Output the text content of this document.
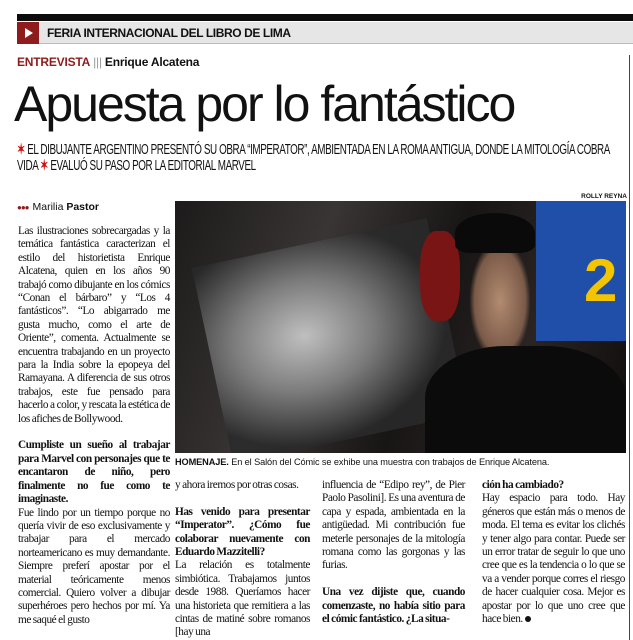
FERIA INTERNACIONAL DEL LIBRO DE LIMA
ENTREVISTA ||| Enrique Alcatena
Apuesta por lo fantástico
✶ EL DIBUJANTE ARGENTINO PRESENTÓ SU OBRA “IMPERATOR”, AMBIENTADA EN LA ROMA ANTIGUA, DONDE LA MITOLOGÍA COBRA VIDA ✶ EVALUÓ SU PASO POR LA EDITORIAL MARVEL
●●● Marilia Pastor
ROLLY REYNA
2
HOMENAJE. En el Salón del Cómic se exhibe una muestra con trabajos de Enrique Alcatena.

Las ilustraciones sobrecargadas y la temática fantástica caracterizan el estilo del historietista Enrique Alcatena, quien en los años 90 trabajó como dibujante en los cómics “Conan el bárbaro” y “Los 4 fantásticos”. “Lo abigarrado me gusta mucho, como el arte de Oriente”, comenta. Actualmente se encuentra trabajando en un proyecto para la India sobre la epopeya del Ramayana. A diferencia de sus otros trabajos, este fue pensado para hacerlo a color, y rescata la estética de los afiches de Bollywood.

Cumpliste un sueño al trabajar para Marvel con personajes que te encantaron de niño, pero finalmente no fue como te imaginaste.

Fue lindo por un tiempo porque no quería vivir de eso exclusivamente y trabajar para el mercado norteamericano es muy demandante. Siempre preferí apostar por el material teóricamente menos comercial. Quiero volver a dibujar superhéroes pero hechos por mí. Ya me saqué el gusto

y ahora iremos por otras cosas.

Has venido para presentar “Imperator”. ¿Cómo fue colaborar nuevamente con Eduardo Mazzitelli?

La relación es totalmente simbiótica. Trabajamos juntos desde 1988. Queríamos hacer una historieta que remitiera a las cintas de matiné sobre romanos [hay una

influencia de “Edipo rey”, de Pier Paolo Pasolini]. Es una aventura de capa y espada, ambientada en la antigüedad. Mi contribución fue meterle personajes de la mitología romana como las gorgonas y las furias.

Una vez dijiste que, cuando comenzaste, no había sitio para el cómic fantástico. ¿La situa-

ción ha cambiado?

Hay espacio para todo. Hay géneros que están más o menos de moda. El tema es evitar los clichés y tener algo para contar. Puede ser un error tratar de seguir lo que uno cree que es la tendencia o lo que se va a vender porque corres el riesgo de hacer cualquier cosa. Mejor es apostar por lo que uno cree que hace bien.
